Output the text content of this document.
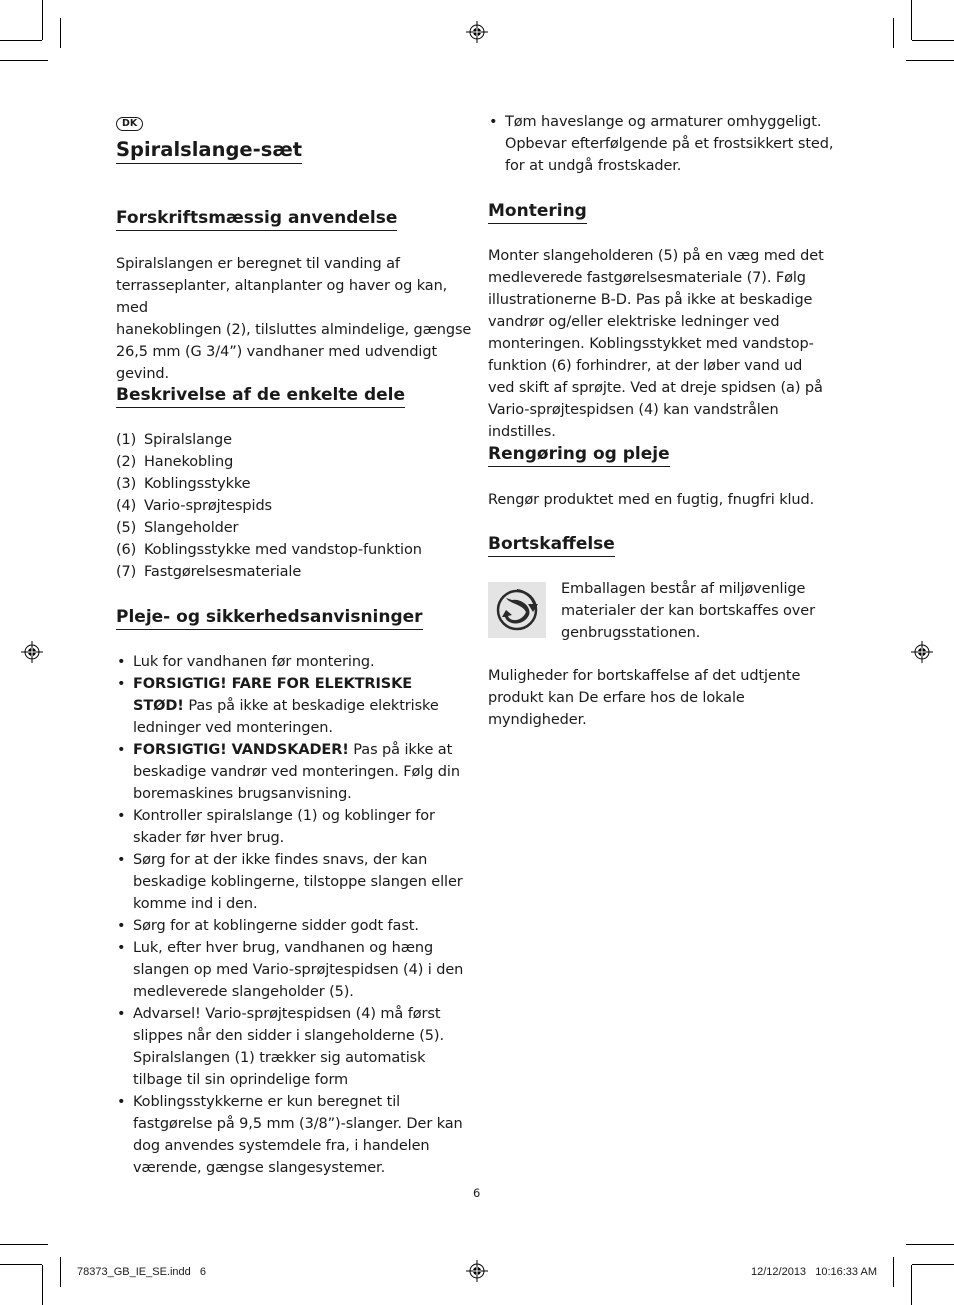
DK
Spiralslange-sæt
Forskriftsmæssig anvendelse
Spiralslangen er beregnet til vanding af
terrasseplanter, altanplanter og haver og kan, med
hanekoblingen (2), tilsluttes almindelige, gængse
26,5 mm (G 3/4”) vandhaner med udvendigt
gevind.
Beskrivelse af de enkelte dele
(1) Spiralslange
(2) Hanekobling
(3) Koblingsstykke
(4) Vario-sprøjtespids
(5) Slangeholder
(6) Koblingsstykke med vandstop-funktion
(7) Fastgørelsesmateriale
Pleje- og sikkerhedsanvisninger
• Luk for vandhanen før montering.
• FORSIGTIG! FARE FOR ELEKTRISKE STØD! Pas på ikke at beskadige elektriske ledninger ved monteringen.
• FORSIGTIG! VANDSKADER! Pas på ikke at beskadige vandrør ved monteringen. Følg din boremaskines brugsanvisning.
• Kontroller spiralslange (1) og koblinger for skader før hver brug.
• Sørg for at der ikke findes snavs, der kan beskadige koblingerne, tilstoppe slangen eller komme ind i den.
• Sørg for at koblingerne sidder godt fast.
• Luk, efter hver brug, vandhanen og hæng slangen op med Vario-sprøjtespidsen (4) i den medleverede slangeholder (5).
• Advarsel! Vario-sprøjtespidsen (4) må først slippes når den sidder i slangeholderne (5). Spiralslangen (1) trækker sig automatisk tilbage til sin oprindelige form
• Koblingsstykkerne er kun beregnet til fastgørelse på 9,5 mm (3/8”)-slanger. Der kan dog anvendes systemdele fra, i handelen værende, gængse slangesystemer.
• Tøm haveslange og armaturer omhyggeligt. Opbevar efterfølgende på et frostsikkert sted, for at undgå frostskader.
Montering
Monter slangeholderen (5) på en væg med det medleverede fastgørelsesmateriale (7). Følg illustrationerne B-D. Pas på ikke at beskadige vandrør og/eller elektriske ledninger ved monteringen. Koblingsstykket med vandstop-funktion (6) forhindrer, at der løber vand ud ved skift af sprøjte. Ved at dreje spidsen (a) på Vario-sprøjtespidsen (4) kan vandstrålen indstilles.
Rengøring og pleje
Rengør produktet med en fugtig, fnugfri klud.
Bortskaffelse
Emballagen består af miljøvenlige materialer der kan bortskaffes over genbrugsstationen.
Muligheder for bortskaffelse af det udtjente produkt kan De erfare hos de lokale myndigheder.
6
78373_GB_IE_SE.indd   6	12/12/2013   10:16:33 AM
